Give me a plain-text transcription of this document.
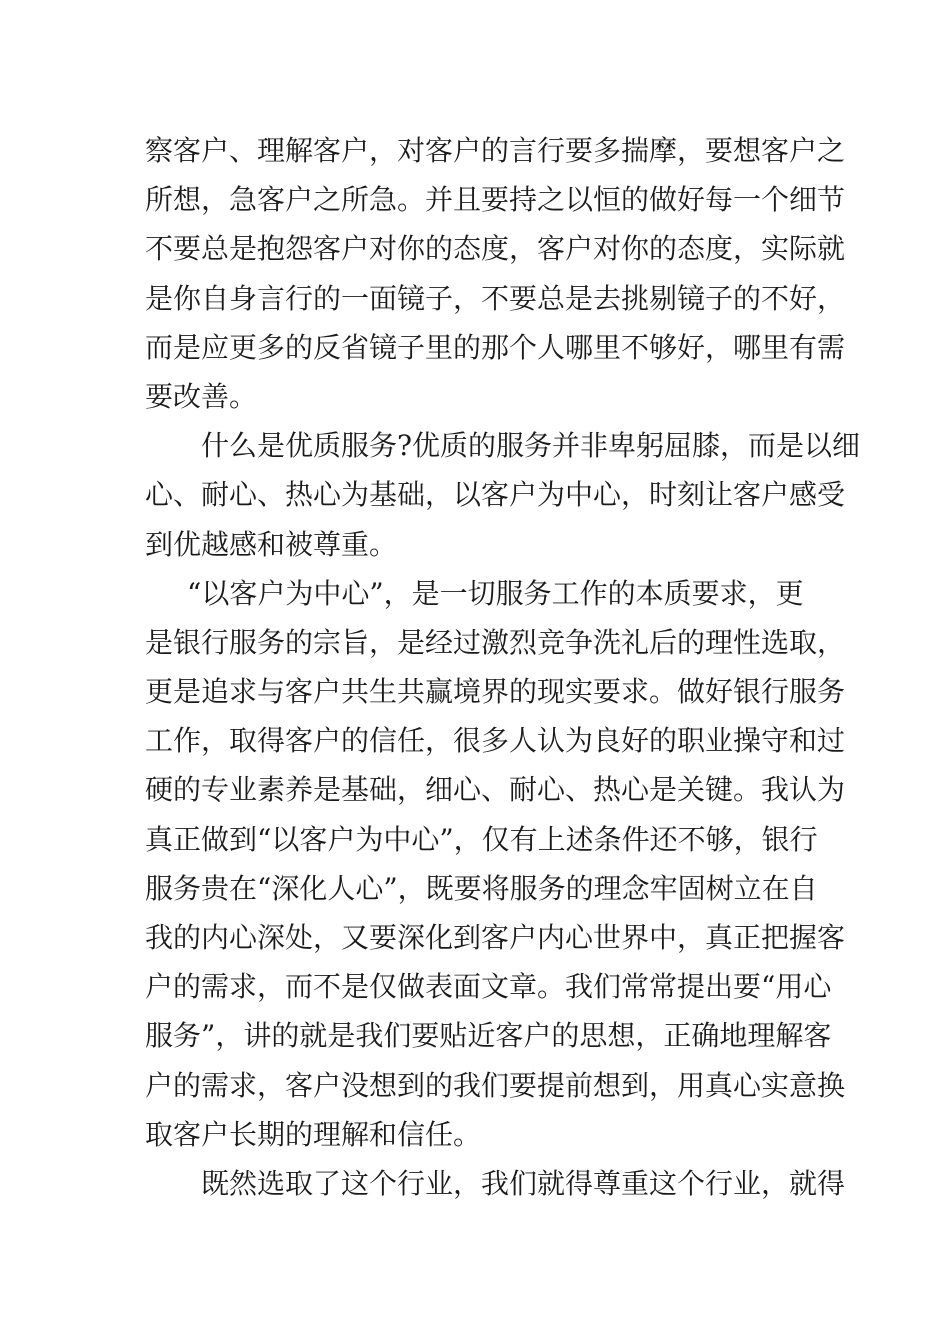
察客户、理解客户，对客户的言行要多揣摩，要想客户之
所想，急客户之所急。并且要持之以恒的做好每一个细节
不要总是抱怨客户对你的态度，客户对你的态度，实际就
是你自身言行的一面镜子，不要总是去挑剔镜子的不好，
而是应更多的反省镜子里的那个人哪里不够好，哪里有需
要改善。
什么是优质服务?优质的服务并非卑躬屈膝，而是以细
心、耐心、热心为基础，以客户为中心，时刻让客户感受
到优越感和被尊重。
“以客户为中心”，是一切服务工作的本质要求，更
是银行服务的宗旨，是经过激烈竞争洗礼后的理性选取，
更是追求与客户共生共赢境界的现实要求。做好银行服务
工作，取得客户的信任，很多人认为良好的职业操守和过
硬的专业素养是基础，细心、耐心、热心是关键。我认为
真正做到“以客户为中心”，仅有上述条件还不够，银行
服务贵在“深化人心”，既要将服务的理念牢固树立在自
我的内心深处，又要深化到客户内心世界中，真正把握客
户的需求，而不是仅做表面文章。我们常常提出要“用心
服务”，讲的就是我们要贴近客户的思想，正确地理解客
户的需求，客户没想到的我们要提前想到，用真心实意换
取客户长期的理解和信任。
既然选取了这个行业，我们就得尊重这个行业，就得
